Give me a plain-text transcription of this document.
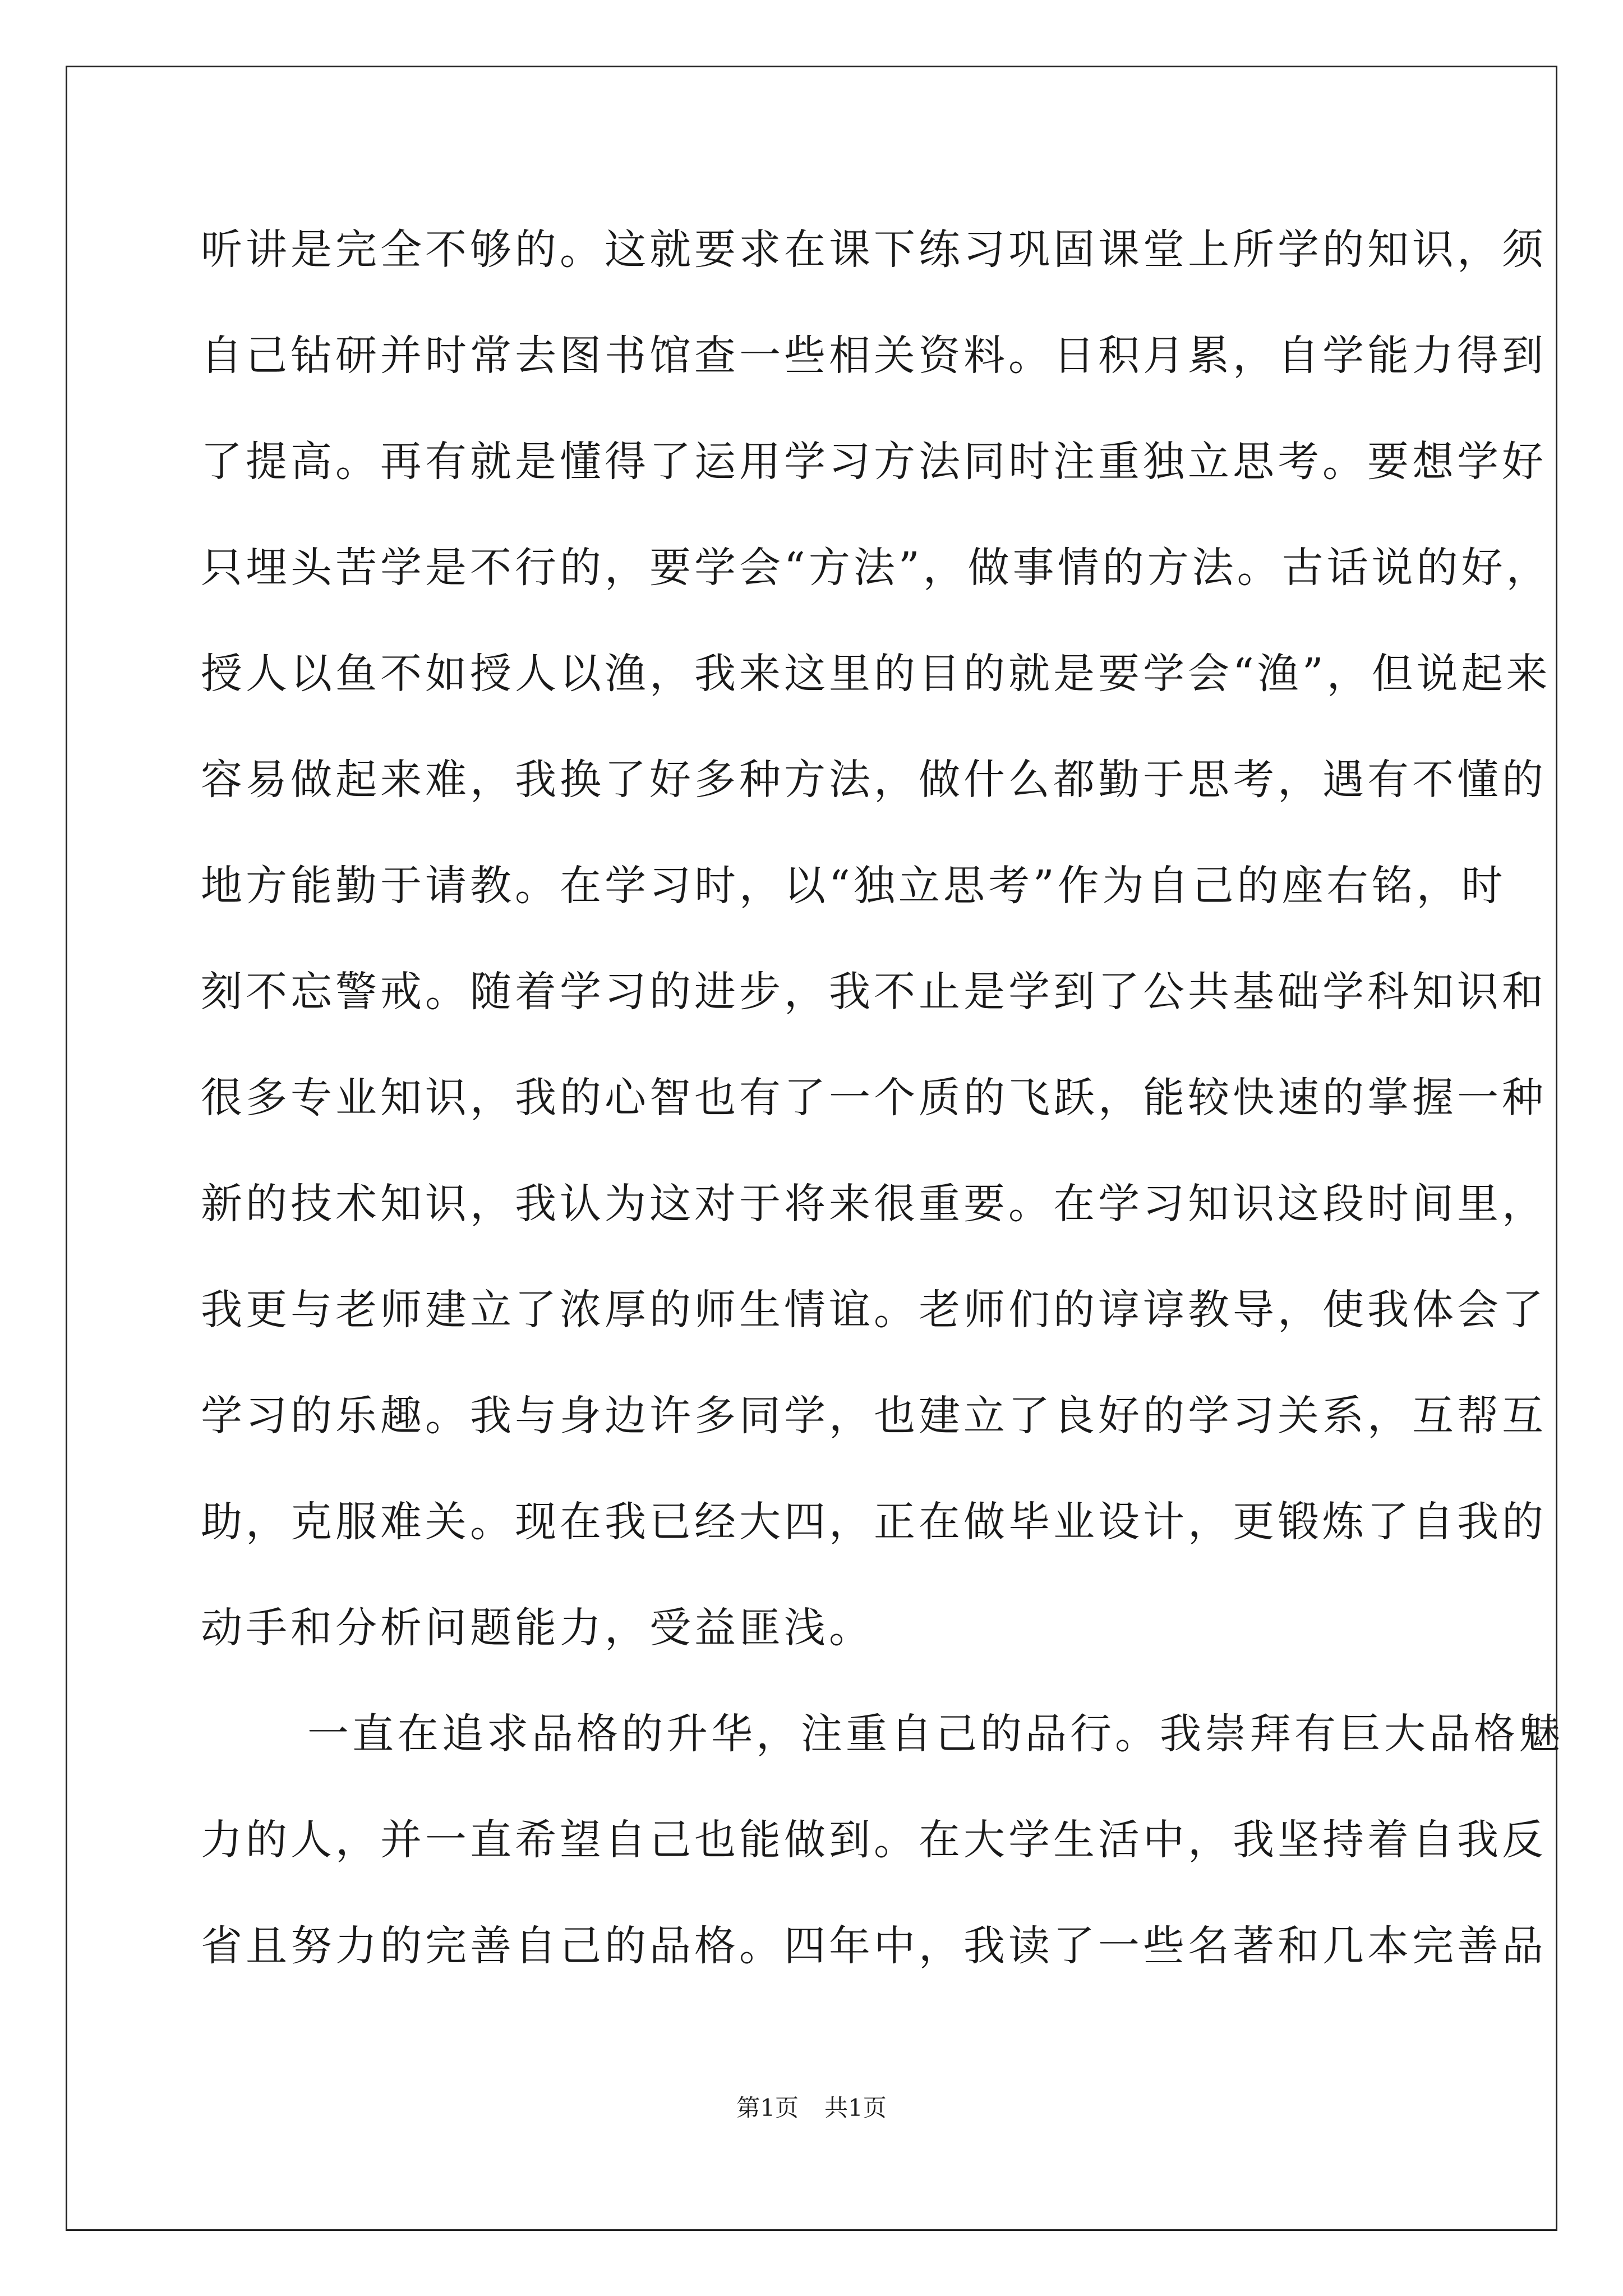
听讲是完全不够的。这就要求在课下练习巩固课堂上所学的知识，须
自己钻研并时常去图书馆查一些相关资料。日积月累，自学能力得到
了提高。再有就是懂得了运用学习方法同时注重独立思考。要想学好
只埋头苦学是不行的，要学会“方法”，做事情的方法。古话说的好，
授人以鱼不如授人以渔，我来这里的目的就是要学会“渔”，但说起来
容易做起来难，我换了好多种方法，做什么都勤于思考，遇有不懂的
地方能勤于请教。在学习时，以“独立思考”作为自己的座右铭，时
刻不忘警戒。随着学习的进步，我不止是学到了公共基础学科知识和
很多专业知识，我的心智也有了一个质的飞跃，能较快速的掌握一种
新的技术知识，我认为这对于将来很重要。在学习知识这段时间里，
我更与老师建立了浓厚的师生情谊。老师们的谆谆教导，使我体会了
学习的乐趣。我与身边许多同学，也建立了良好的学习关系，互帮互
助，克服难关。现在我已经大四，正在做毕业设计，更锻炼了自我的
动手和分析问题能力，受益匪浅。
一直在追求品格的升华，注重自己的品行。我崇拜有巨大品格魅
力的人，并一直希望自己也能做到。在大学生活中，我坚持着自我反
省且努力的完善自己的品格。四年中，我读了一些名著和几本完善品
第1页 共1页
